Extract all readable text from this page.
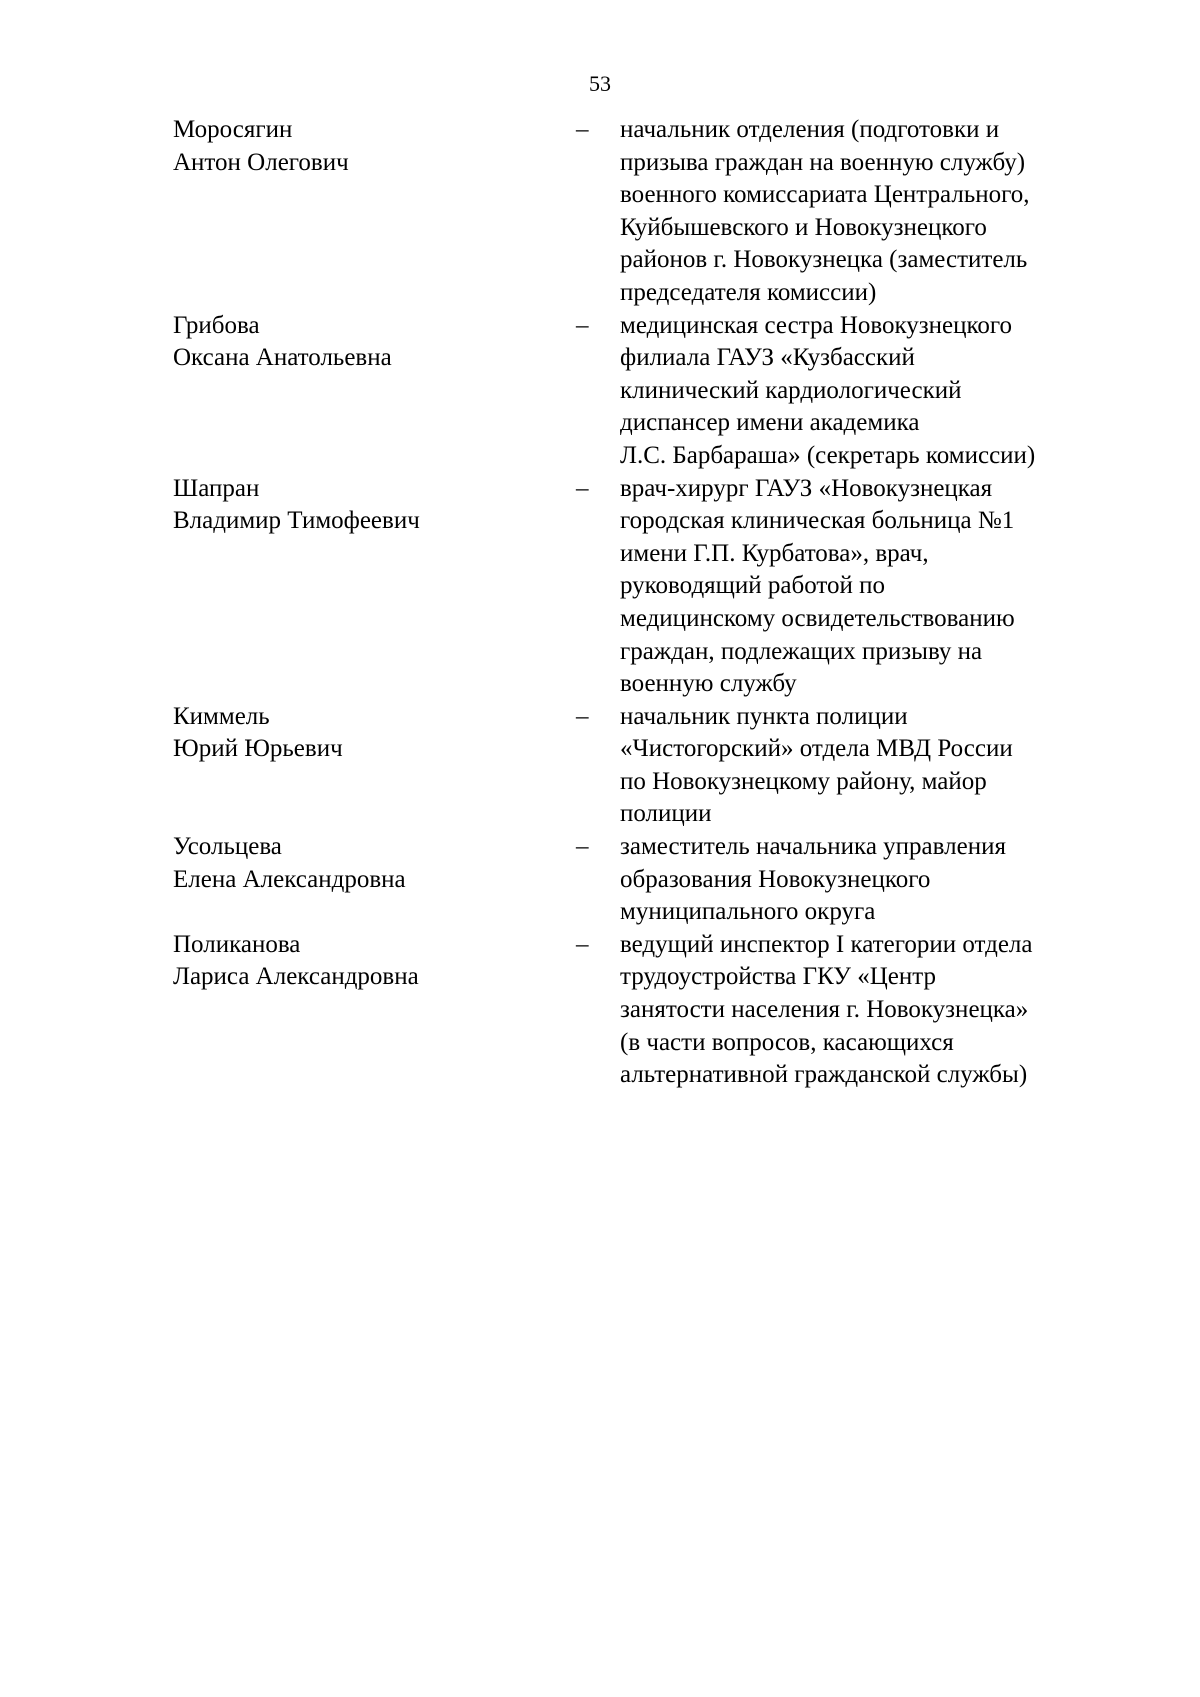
53
Моросягин
Антон Олегович
–	начальник отделения (подготовки и
призыва граждан на военную службу)
военного комиссариата Центрального,
Куйбышевского и Новокузнецкого
районов г. Новокузнецка (заместитель
председателя комиссии)
Грибова
Оксана Анатольевна
–	медицинская сестра Новокузнецкого
филиала ГАУЗ «Кузбасский
клинический кардиологический
диспансер имени академика
Л.С. Барбараша» (секретарь комиссии)
Шапран
Владимир Тимофеевич
–	врач-хирург ГАУЗ «Новокузнецкая
городская клиническая больница №1
имени Г.П. Курбатова», врач,
руководящий работой по
медицинскому освидетельствованию
граждан, подлежащих призыву на
военную службу
Киммель
Юрий Юрьевич
–	начальник пункта полиции
«Чистогорский» отдела МВД России
по Новокузнецкому району, майор
полиции
Усольцева
Елена Александровна
–	заместитель начальника управления
образования Новокузнецкого
муниципального округа
Поликанова
Лариса Александровна
–	ведущий инспектор I категории отдела
трудоустройства ГКУ «Центр
занятости населения г. Новокузнецка»
(в части вопросов, касающихся
альтернативной гражданской службы)
